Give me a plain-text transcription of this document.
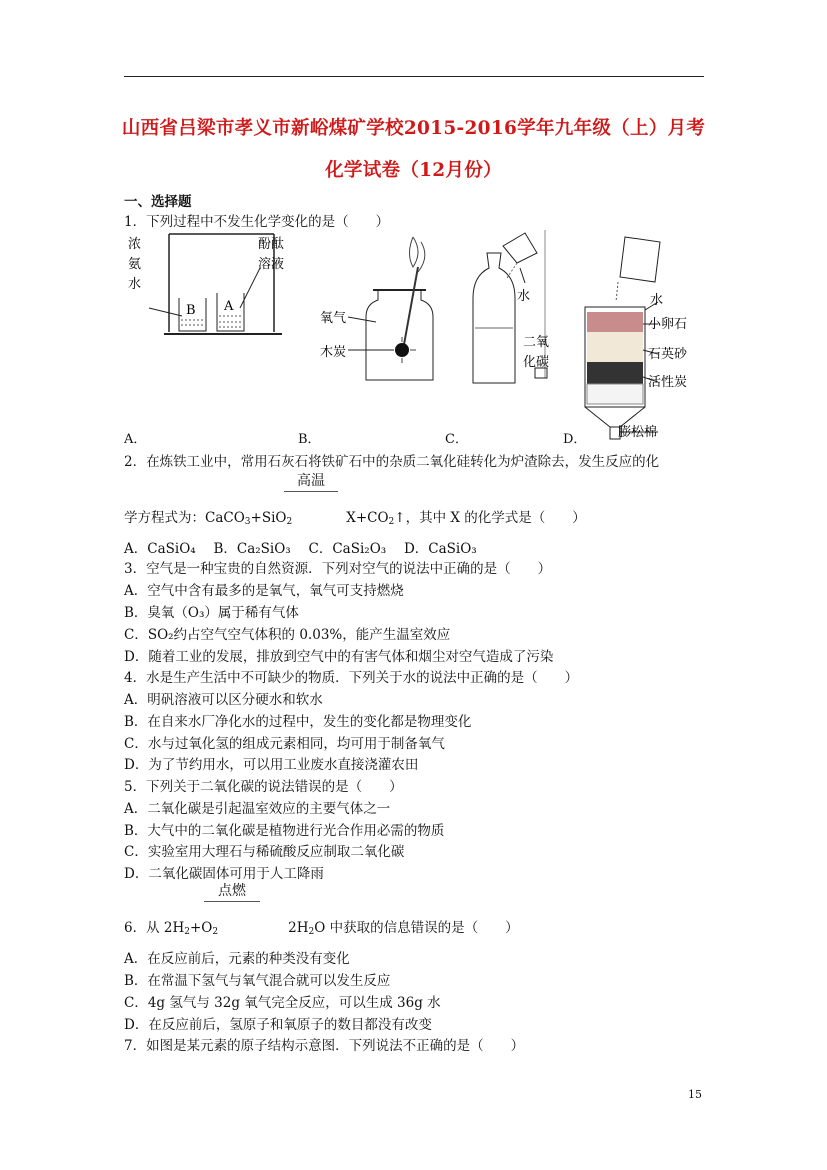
山西省吕梁市孝义市新峪煤矿学校2015-2016学年九年级（上）月考
化学试卷（12月份）
一、选择题
1．下列过程中不发生化学变化的是（　　）
浓
氨
水
酚酞
溶液
B A
氧气
木炭
水
二氧
化碳
水
小卵石
石英砂
活性炭
膨松棉
A．	B．	C．	D．
2．在炼铁工业中，常用石灰石将铁矿石中的杂质二氧化硅转化为炉渣除去，发生反应的化
高温
学方程式为：CaCO$_3$+SiO$_2$	$X+CO_2↑$，其中 X 的化学式是（　　）
A．CaSiO₄　 B．Ca₂SiO₃　 C．CaSi₂O₃　 D．CaSiO₃
3．空气是一种宝贵的自然资源．下列对空气的说法中正确的是（　　）
A．空气中含有最多的是氧气，氧气可支持燃烧
B．臭氧（O₃）属于稀有气体
C．SO₂约占空气空气体积的 0.03%，能产生温室效应
D．随着工业的发展，排放到空气中的有害气体和烟尘对空气造成了污染
4．水是生产生活中不可缺少的物质．下列关于水的说法中正确的是（　　）
A．明矾溶液可以区分硬水和软水
B．在自来水厂净化水的过程中，发生的变化都是物理变化
C．水与过氧化氢的组成元素相同，均可用于制备氧气
D．为了节约用水，可以用工业废水直接浇灌农田
5．下列关于二氧化碳的说法错误的是（　　）
A．二氧化碳是引起温室效应的主要气体之一
B．大气中的二氧化碳是植物进行光合作用必需的物质
C．实验室用大理石与稀硫酸反应制取二氧化碳
D．二氧化碳固体可用于人工降雨
点燃
6．从 $2H_2+O_2$	$2H_2O$ 中获取的信息错误的是（　　）
A．在反应前后，元素的种类没有变化
B．在常温下氢气与氧气混合就可以发生反应
C．4g 氢气与 32g 氧气完全反应，可以生成 36g 水
D．在反应前后，氢原子和氧原子的数目都没有改变
7．如图是某元素的原子结构示意图．下列说法不正确的是（　　）
15
